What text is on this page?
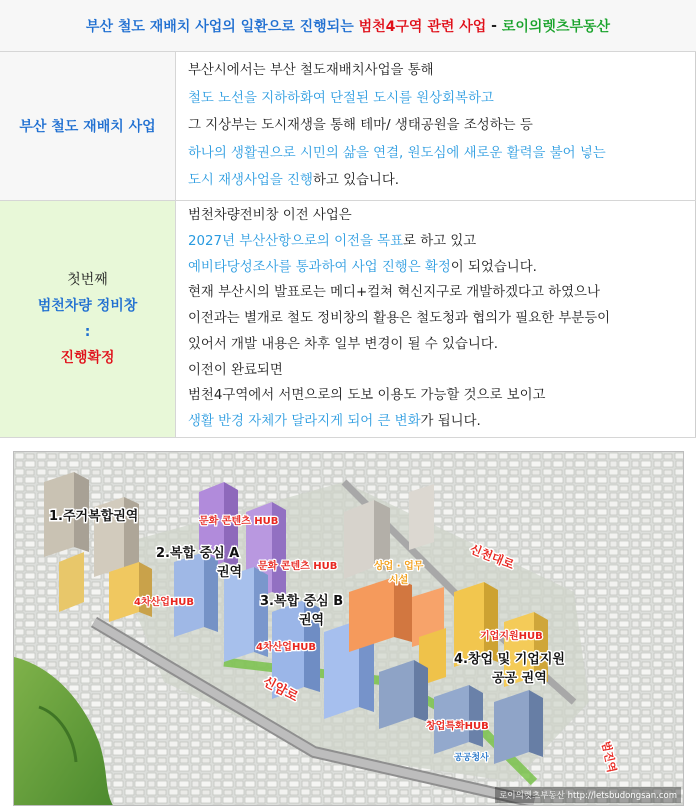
부산 철도 재배치 사업의 일환으로 진행되는
범천4구역 관련 사업
-
로이의렛츠부동산
부산 철도 재배치 사업
부산시에서는 부산 철도재배치사업을 통해
철도 노선을 지하하화여 단절된 도시를 원상회복하고
그 지상부는 도시재생을 통해 테마/ 생태공원을 조성하는 등
하나의 생활권으로 시민의 삶을 연결, 원도심에 새로운 활력을 불어 넣는
도시 재생사업을 진행하고 있습니다.
첫번째
범천차량 정비창
:
진행확정
범천차량전비창 이전 사업은
2027년 부산산항으로의 이전을 목표로 하고 있고
예비타당성조사를 통과하여 사업 진행은 확정이 되었습니다.
현재 부산시의 발표로는 메디+컬쳐 혁신지구로 개발하겠다고 하였으나
이전과는 별개로 철도 정비창의 활용은 철도청과 협의가 필요한 부분등이
있어서 개발 내용은 차후 일부 변경이 될 수 있습니다.
이전이 완료되면
범천4구역에서 서면으로의 도보 이용도 가능할 것으로 보이고
생활 반경 자체가 달라지게 되어 큰 변화가 됩니다.
신암로
신천대로
범진역
1.주거복합권역
2.복합 중심 A
권역
3.복합 중심 B
권역
4.창업 및 기업지원
공공 권역
문화 콘텐츠 HUB
문화 콘텐츠 HUB
4차산업HUB
4차산업HUB
기업지원HUB
창업특화HUB
상업 · 업무
시설
공공청사
로이의렛츠부동산 http://letsbudongsan.com
